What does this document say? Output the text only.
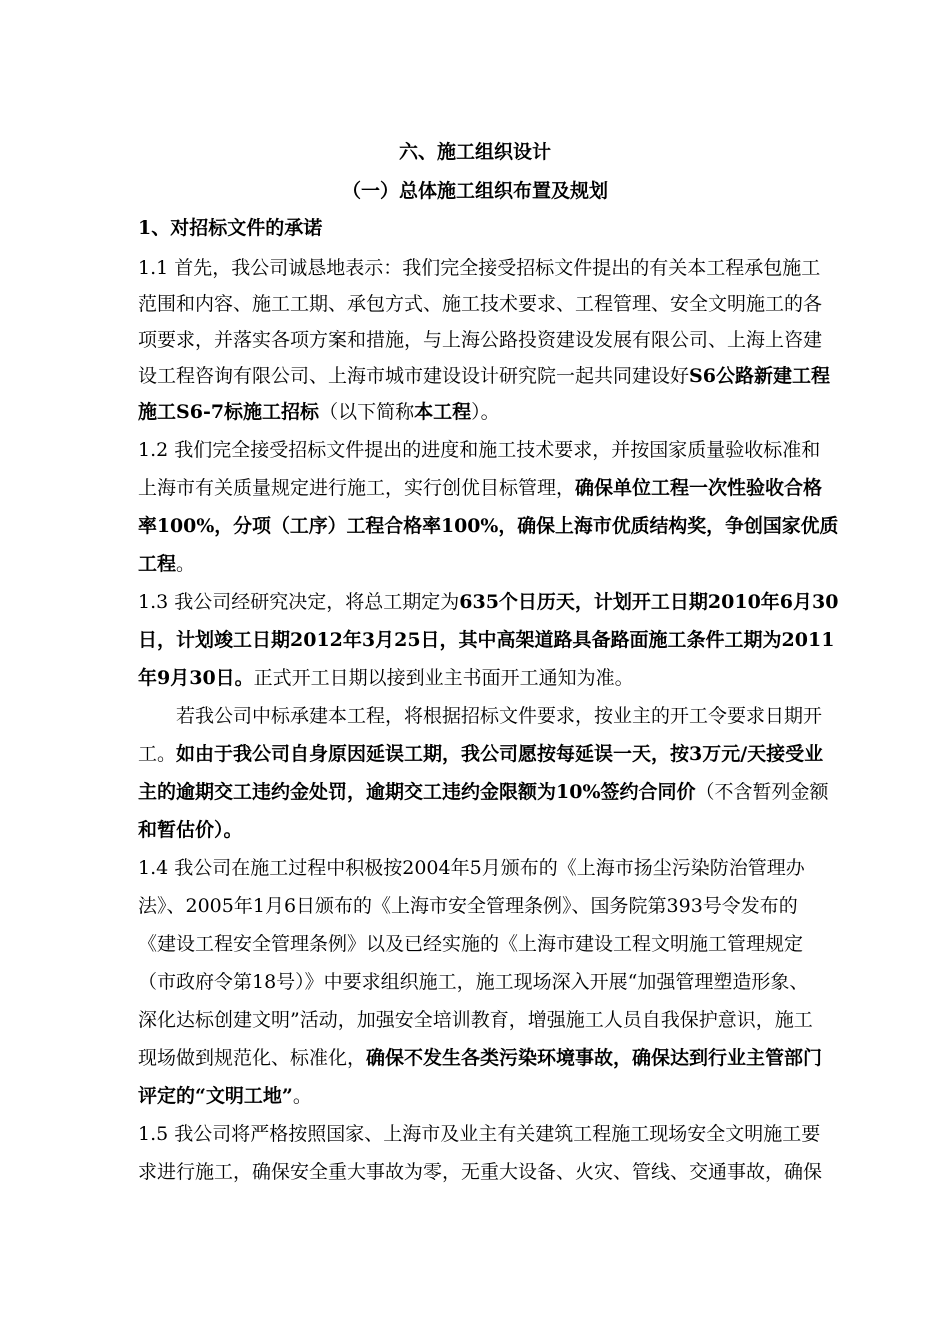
六、施工组织设计
（一）总体施工组织布置及规划
1、对招标文件的承诺
1.1 首先，我公司诚恳地表示：我们完全接受招标文件提出的有关本工程承包施工
范围和内容、施工工期、承包方式、施工技术要求、工程管理、安全文明施工的各
项要求，并落实各项方案和措施，与上海公路投资建设发展有限公司、上海上咨建
设工程咨询有限公司、上海市城市建设设计研究院一起共同建设好S6公路新建工程
施工S6-7标施工招标（以下简称本工程）。
1.2 我们完全接受招标文件提出的进度和施工技术要求，并按国家质量验收标准和
上海市有关质量规定进行施工，实行创优目标管理，确保单位工程一次性验收合格
率100%，分项（工序）工程合格率100%，确保上海市优质结构奖，争创国家优质
工程。
1.3 我公司经研究决定，将总工期定为635个日历天，计划开工日期2010年6月30
日，计划竣工日期2012年3月25日，其中高架道路具备路面施工条件工期为2011
年9月30日。正式开工日期以接到业主书面开工通知为准。
若我公司中标承建本工程，将根据招标文件要求，按业主的开工令要求日期开
工。如由于我公司自身原因延误工期，我公司愿按每延误一天，按3万元/天接受业
主的逾期交工违约金处罚，逾期交工违约金限额为10%签约合同价（不含暂列金额
和暂估价）。
1.4 我公司在施工过程中积极按2004年5月颁布的《上海市扬尘污染防治管理办
法》、2005年1月6日颁布的《上海市安全管理条例》、国务院第393号令发布的
《建设工程安全管理条例》以及已经实施的《上海市建设工程文明施工管理规定
（市政府令第18号）》中要求组织施工，施工现场深入开展“加强管理塑造形象、
深化达标创建文明”活动，加强安全培训教育，增强施工人员自我保护意识，施工
现场做到规范化、标准化，确保不发生各类污染环境事故，确保达到行业主管部门
评定的“文明工地”。
1.5 我公司将严格按照国家、上海市及业主有关建筑工程施工现场安全文明施工要
求进行施工，确保安全重大事故为零，无重大设备、火灾、管线、交通事故，确保
